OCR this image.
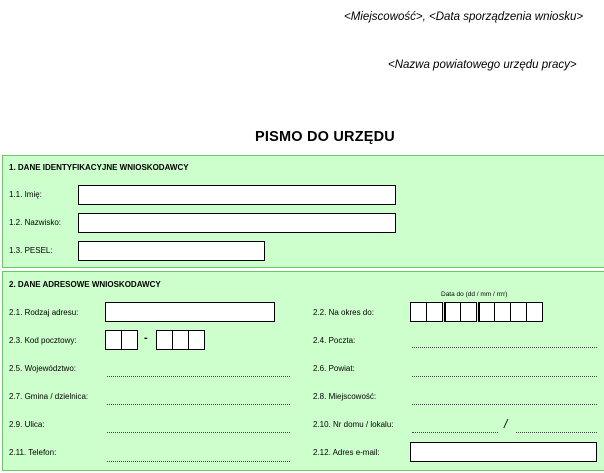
<Miejscowość>, <Data sporządzenia wniosku>
<Nazwa powiatowego urzędu pracy>
PISMO DO URZĘDU
1. DANE IDENTYFIKACYJNE WNIOSKODAWCY
1.1. Imię:
1.2. Nazwisko:
1.3. PESEL:
2. DANE ADRESOWE WNIOSKODAWCY
2.1. Rodzaj adresu:	2.2. Na okres do:
Data do (dd / mm / rrrr)
2.3. Kod pocztowy:	-	2.4. Poczta:
2.5. Województwo:	2.6. Powiat:
2.7. Gmina / dzielnica:	2.8. Miejscowość:
2.9. Ulica:	2.10. Nr domu / lokalu:	/
2.11. Telefon:	2.12. Adres e-mail:
